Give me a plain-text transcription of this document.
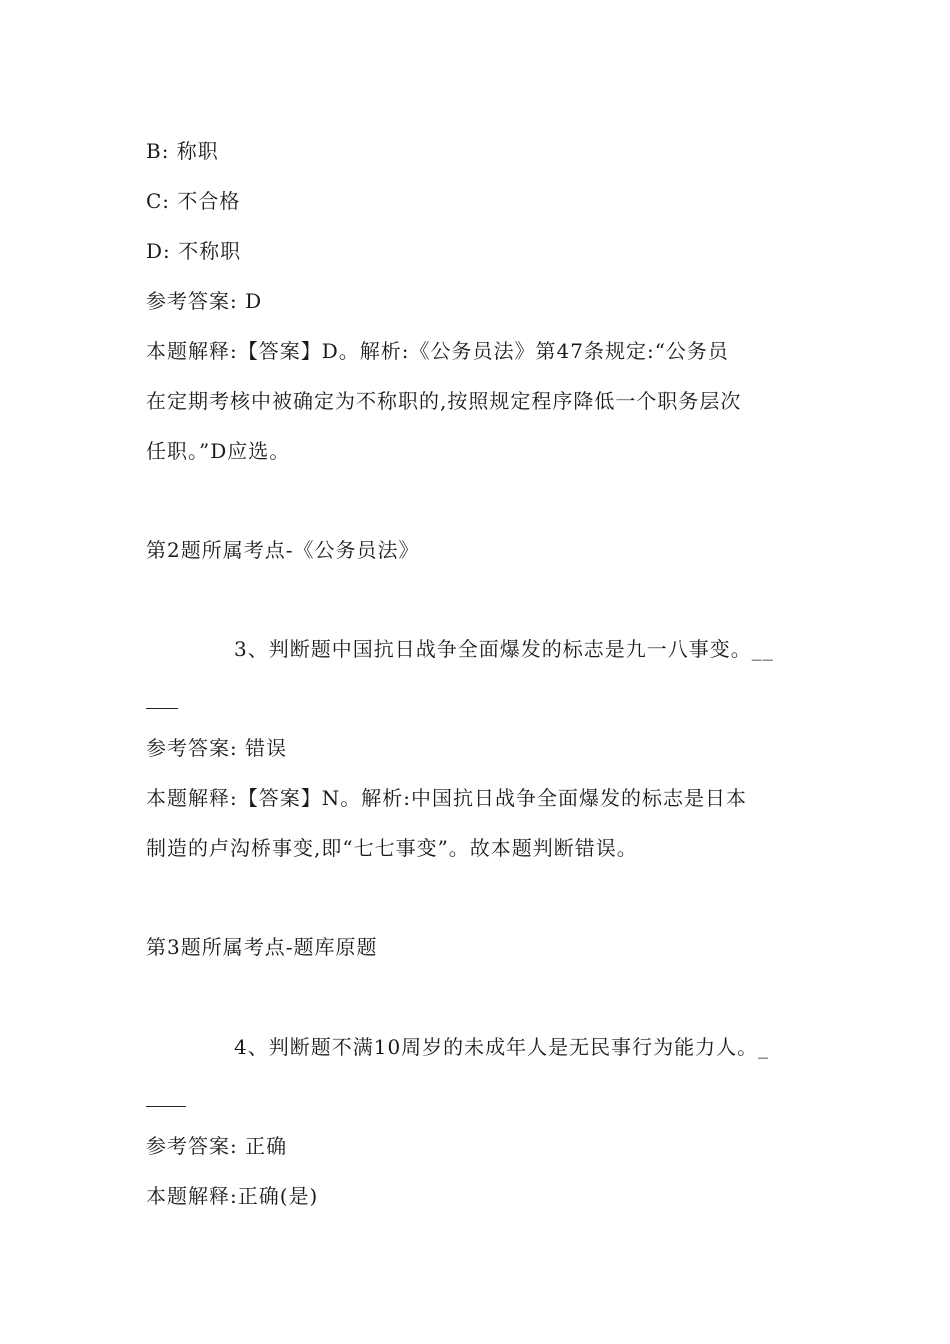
B: 称职
C: 不合格
D: 不称职
参考答案: D
本题解释:【答案】D。解析:《公务员法》第47条规定:“公务员
在定期考核中被确定为不称职的,按照规定程序降低一个职务层次
任职。”D应选。
第2题所属考点-《公务员法》
3、判断题中国抗日战争全面爆发的标志是九一八事变。__
参考答案: 错误
本题解释:【答案】N。解析:中国抗日战争全面爆发的标志是日本
制造的卢沟桥事变,即“七七事变”。故本题判断错误。
第3题所属考点-题库原题
4、判断题不满10周岁的未成年人是无民事行为能力人。_
参考答案: 正确
本题解释:正确(是)
